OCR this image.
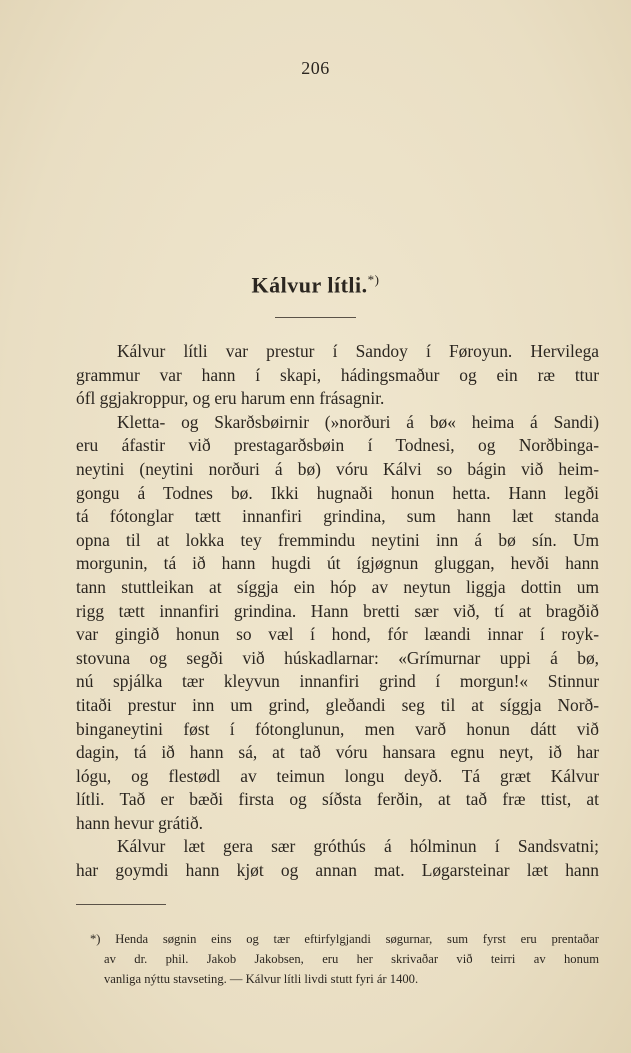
206
Kálvur lítli.*)
Kálvur lítli var prestur í Sandoy í Føroyun. Hervilega
grammur var hann í skapi, hádingsmaður og ein ræ ttur
ófl ggjakroppur, og eru harum enn frásagnir.
Kletta- og Skarðsbøirnir (»norðuri á bø« heima á Sandi)
eru áfastir við prestagarðsbøin í Todnesi, og Norðbinga-
neytini (neytini norðuri á bø) vóru Kálvi so bágin við heim-
gongu á Todnes bø. Ikki hugnaði honun hetta. Hann legði
tá fótonglar tætt innanfiri grindina, sum hann læt standa
opna til at lokka tey fremmindu neytini inn á bø sín. Um
morgunin, tá ið hann hugdi út ígjøgnun gluggan, hevði hann
tann stuttleikan at síggja ein hóp av neytun liggja dottin um
rigg tætt innanfiri grindina. Hann bretti sær við, tí at bragðið
var gingið honun so væl í hond, fór læandi innar í royk-
stovuna og segði við húskadlarnar: «Grímurnar uppi á bø,
nú spjálka tær kleyvun innanfiri grind í morgun!« Stinnur
titaði prestur inn um grind, gleðandi seg til at síggja Norð-
binganeytini føst í fótonglunun, men varð honun dátt við
dagin, tá ið hann sá, at tað vóru hansara egnu neyt, ið har
lógu, og flestødl av teimun longu deyð. Tá græt Kálvur
lítli. Tað er bæði firsta og síðsta ferðin, at tað fræ ttist, at
hann hevur grátið.
Kálvur læt gera sær gróthús á hólminun í Sandsvatni;
har goymdi hann kjøt og annan mat. Løgarsteinar læt hann
*) Henda søgnin eins og tær eftirfylgjandi søgurnar, sum fyrst eru prentaðar
av dr. phil. Jakob Jakobsen, eru her skrivaðar við teirri av honum
vanliga nýttu stavseting. — Kálvur lítli livdi stutt fyri ár 1400.
